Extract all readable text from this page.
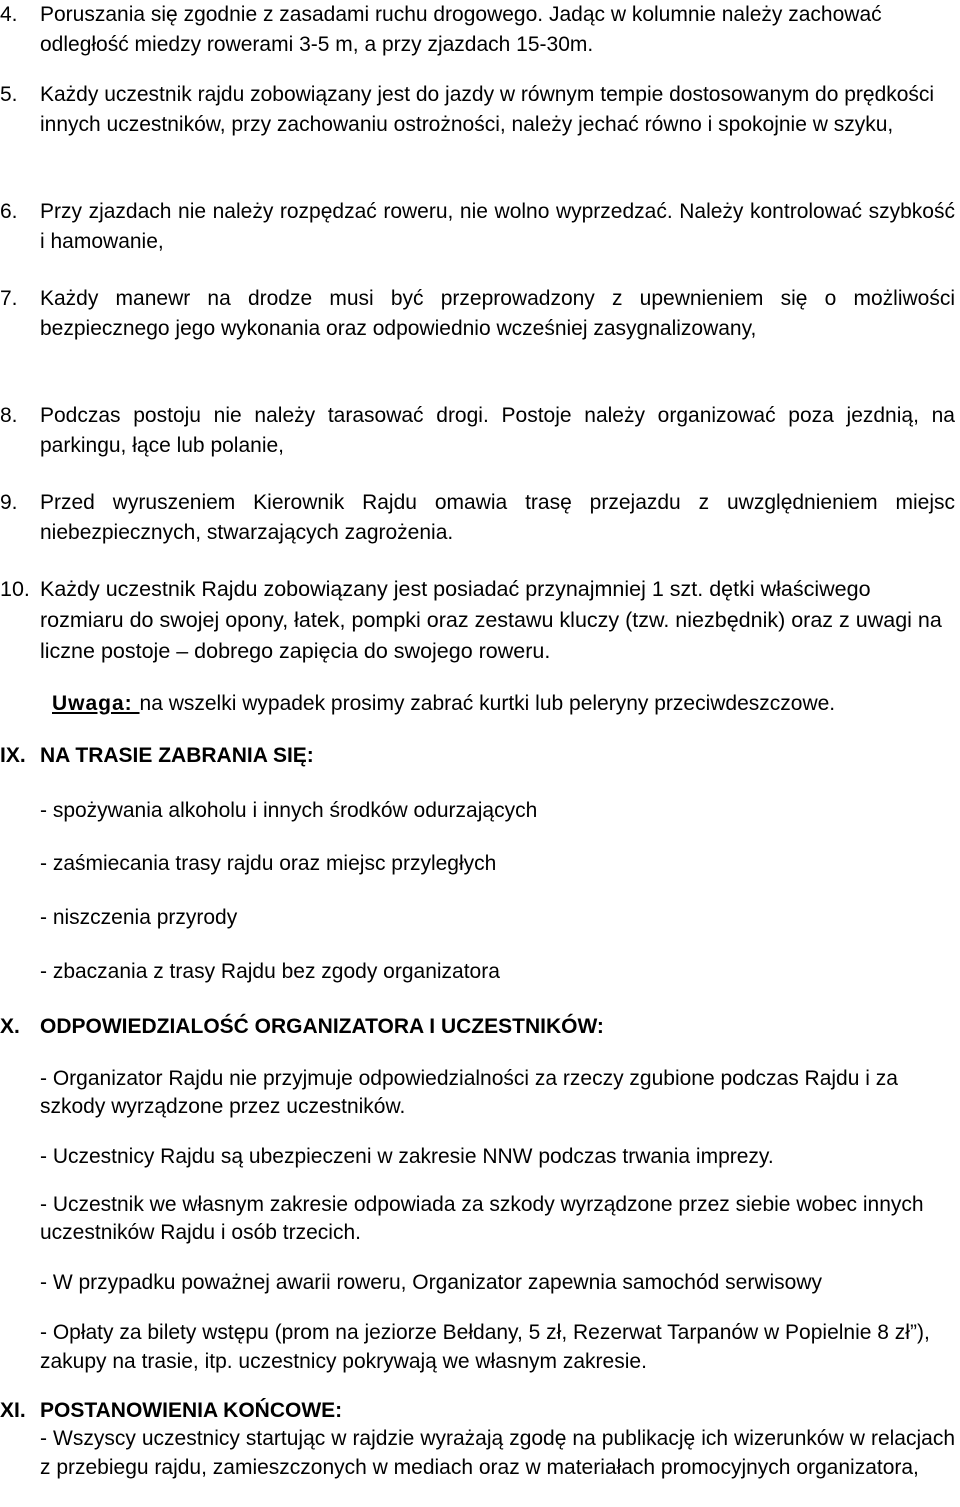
4.	Poruszania się zgodnie z zasadami ruchu drogowego. Jadąc w kolumnie należy zachować odległość miedzy rowerami 3-5 m, a przy zjazdach 15-30m.
5.	Każdy uczestnik rajdu zobowiązany jest do jazdy w równym tempie dostosowanym do prędkości innych uczestników, przy zachowaniu ostrożności, należy jechać równo i spokojnie w szyku,
6.	Przy zjazdach nie należy rozpędzać roweru, nie wolno wyprzedzać. Należy kontrolować szybkość i hamowanie,
7.	Każdy manewr na drodze musi być przeprowadzony z upewnieniem się o możliwości bezpiecznego jego wykonania oraz odpowiednio wcześniej zasygnalizowany,
8.	Podczas postoju nie należy tarasować drogi. Postoje należy organizować poza jezdnią, na parkingu, łące lub polanie,
9.	Przed wyruszeniem Kierownik Rajdu omawia trasę przejazdu z uwzględnieniem miejsc niebezpiecznych, stwarzających zagrożenia.
10. Każdy uczestnik Rajdu zobowiązany jest posiadać przynajmniej 1 szt. dętki właściwego rozmiaru do swojej opony, łatek, pompki oraz zestawu kluczy (tzw. niezbędnik) oraz z uwagi na liczne postoje – dobrego zapięcia do swojego roweru.
Uwaga: na wszelki wypadek prosimy zabrać kurtki lub peleryny przeciwdeszczowe.
IX. NA TRASIE ZABRANIA SIĘ:
- spożywania alkoholu i innych środków odurzających
- zaśmiecania trasy rajdu oraz miejsc przyległych
- niszczenia przyrody
- zbaczania z trasy Rajdu bez zgody organizatora
X. ODPOWIEDZIALOŚĆ ORGANIZATORA I UCZESTNIKÓW:
- Organizator Rajdu nie przyjmuje odpowiedzialności za rzeczy zgubione podczas Rajdu i za szkody wyrządzone przez uczestników.
- Uczestnicy Rajdu są ubezpieczeni w zakresie NNW podczas trwania imprezy.
- Uczestnik we własnym zakresie odpowiada za szkody wyrządzone przez siebie wobec innych uczestników Rajdu i osób trzecich.
- W przypadku poważnej awarii roweru, Organizator zapewnia samochód serwisowy
- Opłaty za bilety wstępu (prom na jeziorze Bełdany, 5 zł, Rezerwat Tarpanów w Popielnie 8 zł”), zakupy na trasie, itp. uczestnicy pokrywają we własnym zakresie.
XI. POSTANOWIENIA KOŃCOWE:
- Wszyscy uczestnicy startując w rajdzie wyrażają zgodę na publikację ich wizerunków w relacjach z przebiegu rajdu, zamieszczonych w mediach oraz w materiałach promocyjnych organizatora,
